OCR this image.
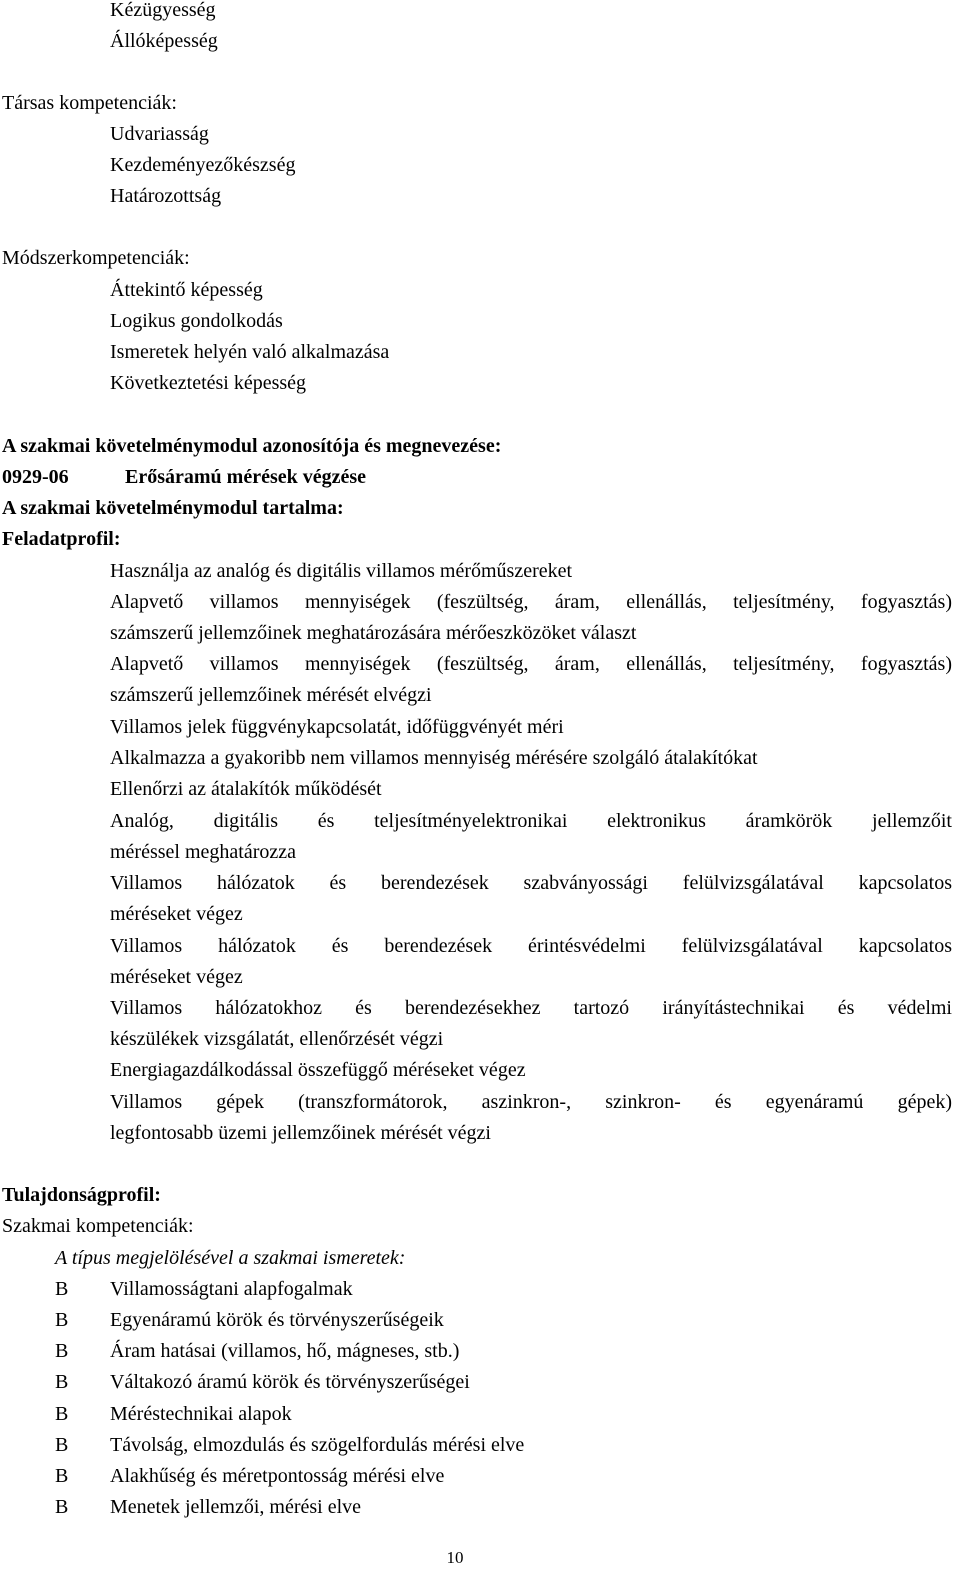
Kézügyesség
Állóképesség
Társas kompetenciák:
Udvariasság
Kezdeményezőkészség
Határozottság
Módszerkompetenciák:
Áttekintő képesség
Logikus gondolkodás
Ismeretek helyén való alkalmazása
Következtetési képesség
A szakmai követelménymodul azonosítója és megnevezése:
0929-06	Erősáramú mérések végzése
A szakmai követelménymodul tartalma:
Feladatprofil:
Használja az analóg és digitális villamos mérőműszereket
Alapvető villamos mennyiségek (feszültség, áram, ellenállás, teljesítmény, fogyasztás)
számszerű jellemzőinek meghatározására mérőeszközöket választ
Alapvető villamos mennyiségek (feszültség, áram, ellenállás, teljesítmény, fogyasztás)
számszerű jellemzőinek mérését elvégzi
Villamos jelek függvénykapcsolatát, időfüggvényét méri
Alkalmazza a gyakoribb nem villamos mennyiség mérésére szolgáló átalakítókat
Ellenőrzi az átalakítók működését
Analóg, digitális és teljesítményelektronikai elektronikus áramkörök jellemzőit
méréssel meghatározza
Villamos hálózatok és berendezések szabványossági felülvizsgálatával kapcsolatos
méréseket végez
Villamos hálózatok és berendezések érintésvédelmi felülvizsgálatával kapcsolatos
méréseket végez
Villamos hálózatokhoz és berendezésekhez tartozó irányítástechnikai és védelmi
készülékek vizsgálatát, ellenőrzését végzi
Energiagazdálkodással összefüggő méréseket végez
Villamos gépek (transzformátorok, aszinkron-, szinkron- és egyenáramú gépek)
legfontosabb üzemi jellemzőinek mérését végzi
Tulajdonságprofil:
Szakmai kompetenciák:
A típus megjelölésével a szakmai ismeretek:
B Villamosságtani alapfogalmak
B Egyenáramú körök és törvényszerűségeik
B Áram hatásai (villamos, hő, mágneses, stb.)
B Váltakozó áramú körök és törvényszerűségei
B Méréstechnikai alapok
B Távolság, elmozdulás és szögelfordulás mérési elve
B Alakhűség és méretpontosság mérési elve
B Menetek jellemzői, mérési elve
10
